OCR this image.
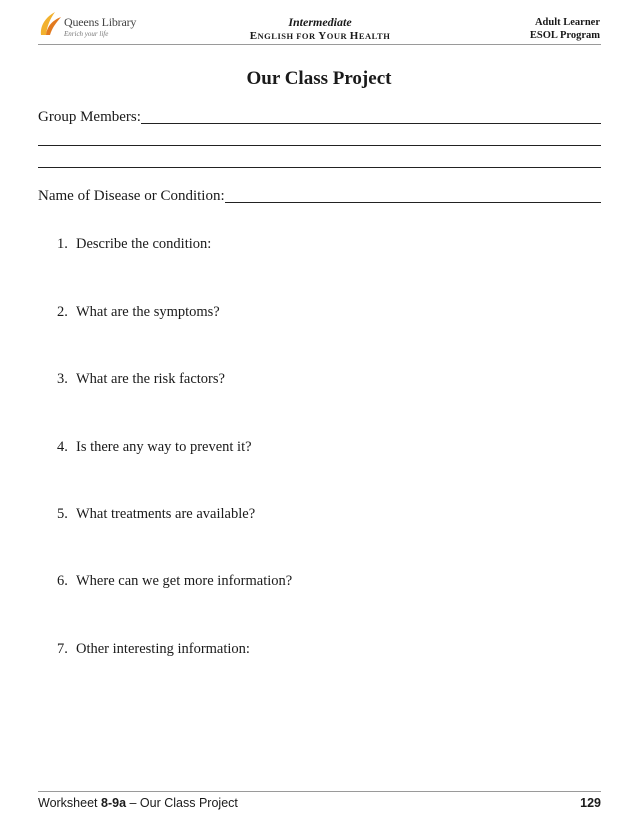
Queens Library
Enrich your life
Intermediate
ENGLISH FOR YOUR HEALTH
Adult Learner
ESOL Program
Our Class Project
Group Members:
Name of Disease or Condition:
1. Describe the condition:
2. What are the symptoms?
3. What are the risk factors?
4. Is there any way to prevent it?
5. What treatments are available?
6. Where can we get more information?
7. Other interesting information:
Worksheet 8-9a – Our Class Project	129
